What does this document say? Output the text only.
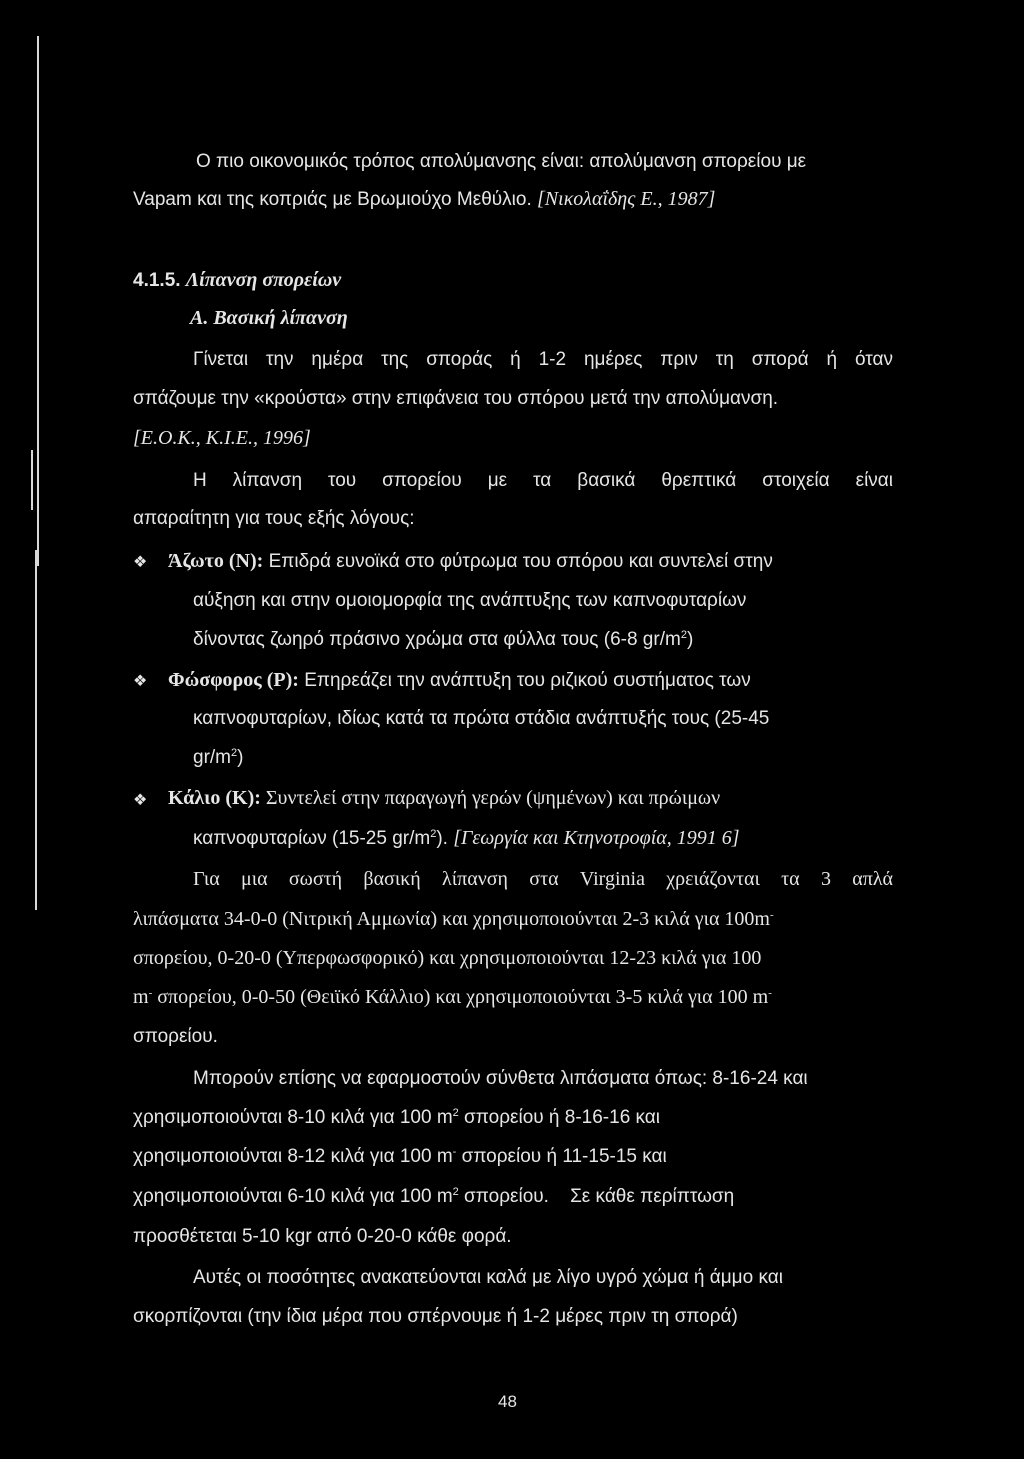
Ο πιο οικονομικός τρόπος απολύμανσης είναι: απολύμανση σπορείου με
Vapam και της κοπριάς με Βρωμιούχο Μεθύλιο. [Νικολαΐδης Ε., 1987]
4.1.5. Λίπανση σπορείων
Α. Βασική λίπανση
Γίνεται την ημέρα της σποράς ή 1-2 ημέρες πριν τη σπορά ή όταν
σπάζουμε την «κρούστα» στην επιφάνεια του σπόρου μετά την απολύμανση.
[Ε.Ο.Κ., Κ.Ι.Ε., 1996]
Η λίπανση του σπορείου με τα βασικά θρεπτικά στοιχεία είναι
απαραίτητη για τους εξής λόγους:
❖ Άζωτο (N): Επιδρά ευνοϊκά στο φύτρωμα του σπόρου και συντελεί στην
αύξηση και στην ομοιομορφία της ανάπτυξης των καπνοφυταρίων
δίνοντας ζωηρό πράσινο χρώμα στα φύλλα τους (6-8 $gr/m^2$)
❖ Φώσφορος (P): Επηρεάζει την ανάπτυξη του ριζικού συστήματος των
καπνοφυταρίων, ιδίως κατά τα πρώτα στάδια ανάπτυξής τους (25-45
$gr/m^2$)
❖ Κάλιο (K): Συντελεί στην παραγωγή γερών (ψημένων) και πρώιμων
καπνοφυταρίων (15-25 $gr/m^2$). [Γεωργία και Κτηνοτροφία, 1991 6]
Για μια σωστή βασική λίπανση στα Virginia χρειάζονται τα 3 απλά
λιπάσματα 34-0-0 (Νιτρική Αμμωνία) και χρησιμοποιούνται 2-3 κιλά για 100m-
σπορείου, 0-20-0 (Υπερφωσφορικό) και χρησιμοποιούνται 12-23 κιλά για 100
m- σπορείου, 0-0-50 (Θειϊκό Κάλλιο) και χρησιμοποιούνται 3-5 κιλά για 100 m-
σπορείου.
Μπορούν επίσης να εφαρμοστούν σύνθετα λιπάσματα όπως: 8-16-24 και
χρησιμοποιούνται 8-10 κιλά για 100 $m^2$ σπορείου ή 8-16-16 και
χρησιμοποιούνται 8-12 κιλά για 100 m- σπορείου ή 11-15-15 και
χρησιμοποιούνται 6-10 κιλά για 100 $m^2$ σπορείου. Σε κάθε περίπτωση
προσθέτεται 5-10 kgr από 0-20-0 κάθε φορά.
Αυτές οι ποσότητες ανακατεύονται καλά με λίγο υγρό χώμα ή άμμο και
σκορπίζονται (την ίδια μέρα που σπέρνουμε ή 1-2 μέρες πριν τη σπορά)
48
